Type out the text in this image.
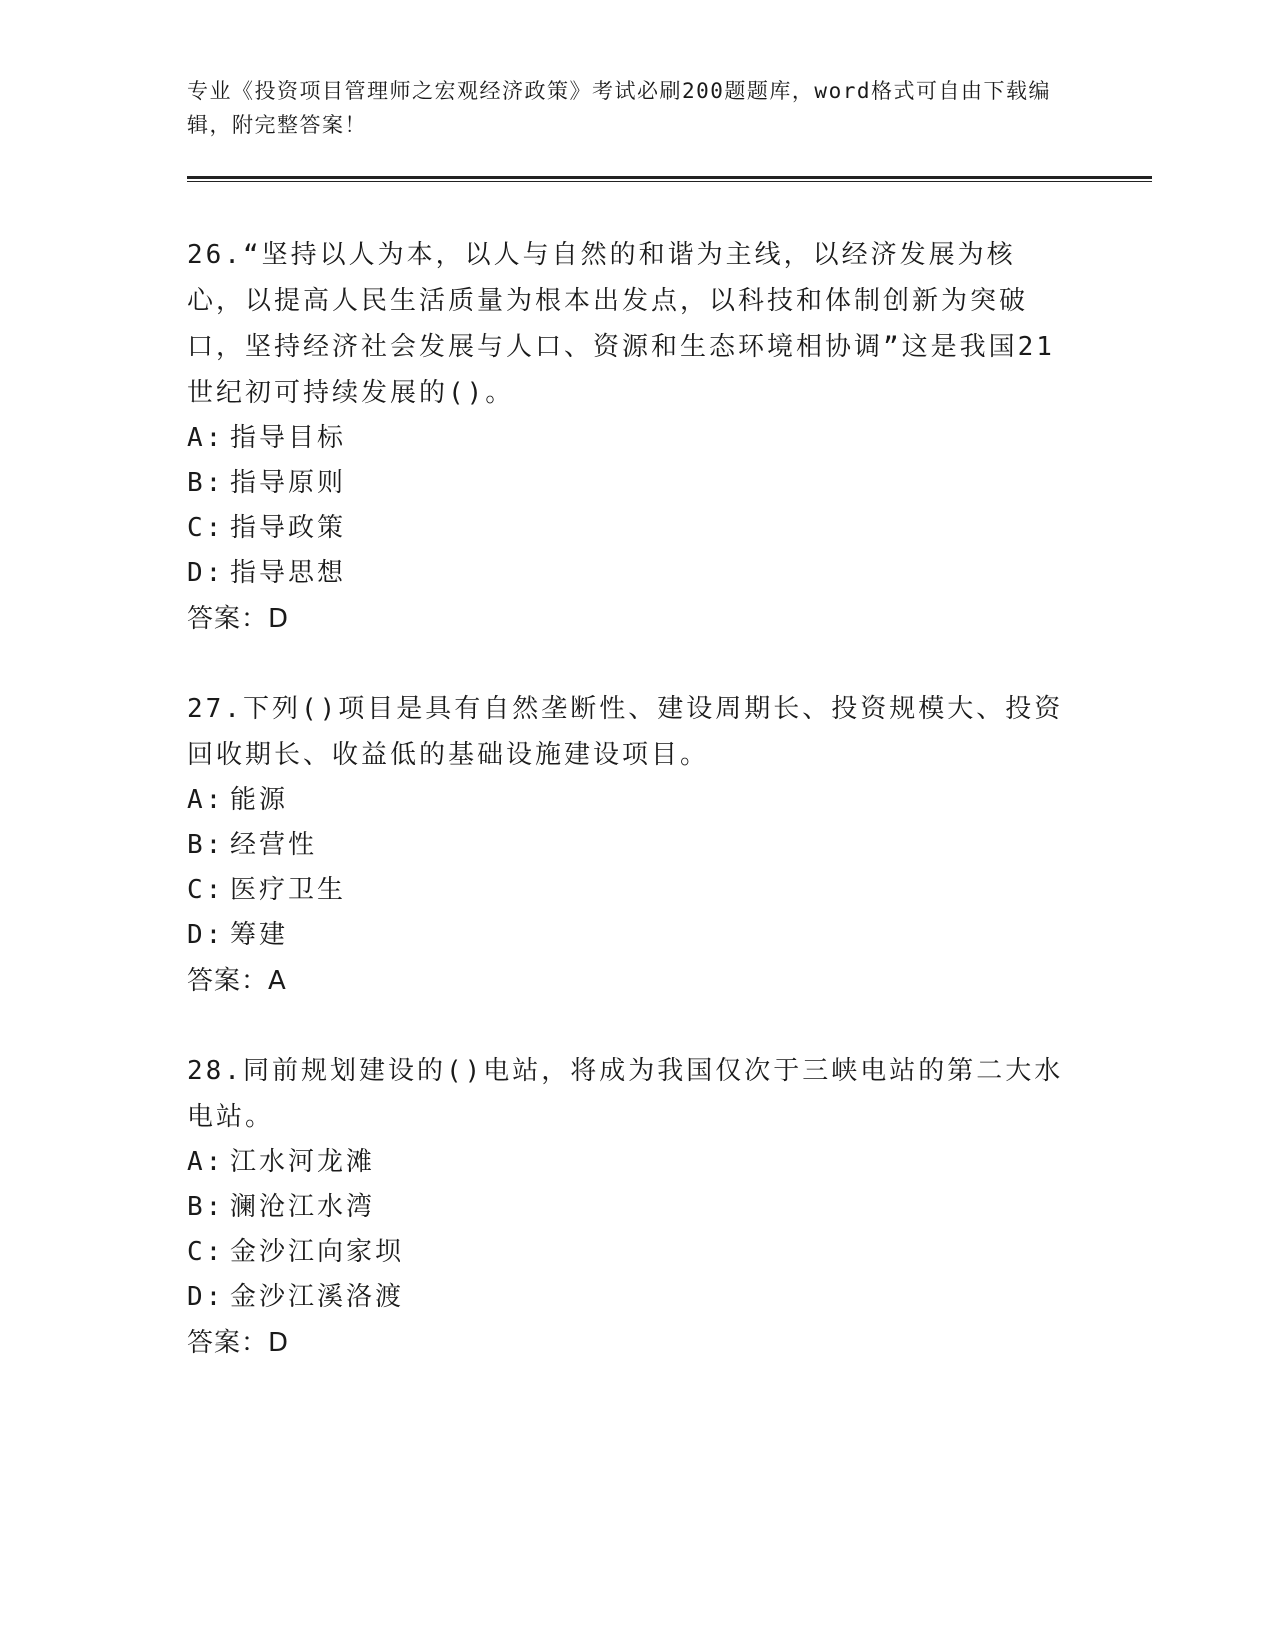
专业《投资项目管理师之宏观经济政策》考试必刷200题题库，word格式可自由下载编辑，附完整答案！
26.“坚持以人为本，以人与自然的和谐为主线，以经济发展为核心，以提高人民生活质量为根本出发点，以科技和体制创新为突破口，坚持经济社会发展与人口、资源和生态环境相协调”这是我国21世纪初可持续发展的()。
A: 指导目标
B: 指导原则
C: 指导政策
D: 指导思想
答案：D
27.下列()项目是具有自然垄断性、建设周期长、投资规模大、投资回收期长、收益低的基础设施建设项目。
A: 能源
B: 经营性
C: 医疗卫生
D: 筹建
答案：A
28.同前规划建设的()电站，将成为我国仅次于三峡电站的第二大水电站。
A: 江水河龙滩
B: 澜沧江水湾
C: 金沙江向家坝
D: 金沙江溪洛渡
答案：D
